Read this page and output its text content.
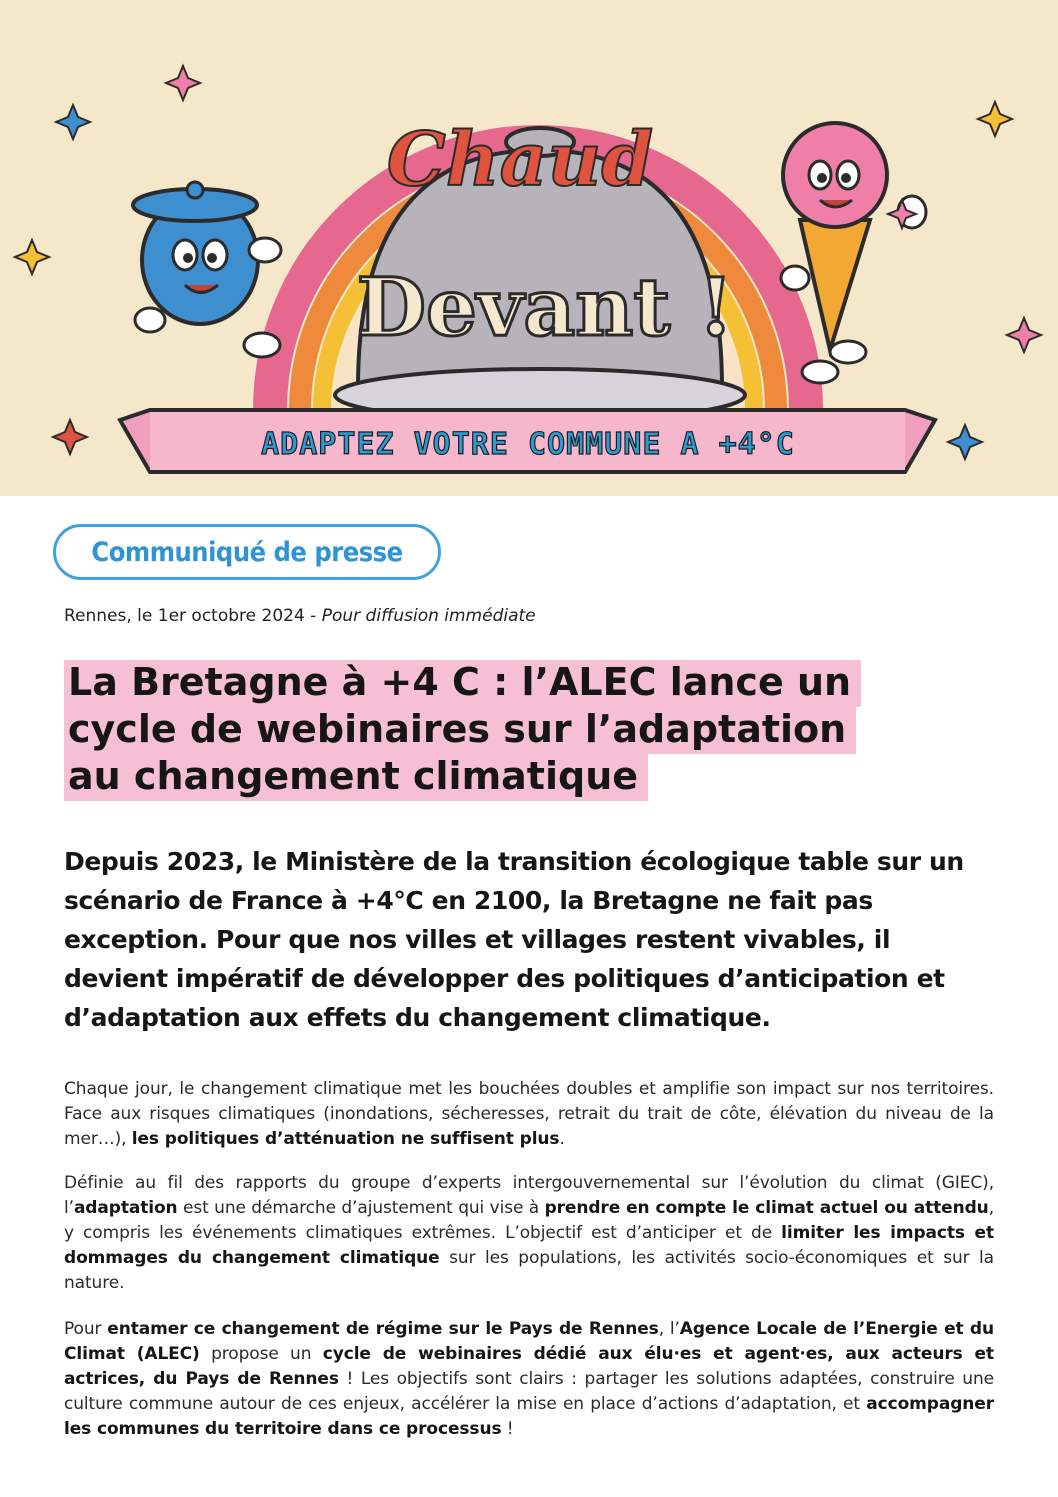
Chaud
Devant !
ADAPTEZ VOTRE COMMUNE A +4°C
Communiqué de presse
Rennes, le 1er octobre 2024 - Pour diffusion immédiate
La Bretagne à +4 C : l’ALEC lance un
cycle de webinaires sur l’adaptation
au changement climatique
Depuis 2023, le Ministère de la transition écologique table sur un scénario de France à +4°C en 2100, la Bretagne ne fait pas exception. Pour que nos villes et villages restent vivables, il devient impératif de développer des politiques d’anticipation et d’adaptation aux effets du changement climatique.
Chaque jour, le changement climatique met les bouchées doubles et amplifie son impact sur nos territoires. Face aux risques climatiques (inondations, sécheresses, retrait du trait de côte, élévation du niveau de la mer…), les politiques d’atténuation ne suffisent plus.
Définie au fil des rapports du groupe d’experts intergouvernemental sur l’évolution du climat (GIEC), l’adaptation est une démarche d’ajustement qui vise à prendre en compte le climat actuel ou attendu, y compris les événements climatiques extrêmes. L’objectif est d’anticiper et de limiter les impacts et dommages du changement climatique sur les populations, les activités socio-économiques et sur la nature.
Pour entamer ce changement de régime sur le Pays de Rennes, l’Agence Locale de l’Energie et du Climat (ALEC) propose un cycle de webinaires dédié aux élu·es et agent·es, aux acteurs et actrices, du Pays de Rennes ! Les objectifs sont clairs : partager les solutions adaptées, construire une culture commune autour de ces enjeux, accélérer la mise en place d’actions d’adaptation, et accompagner les communes du territoire dans ce processus !
